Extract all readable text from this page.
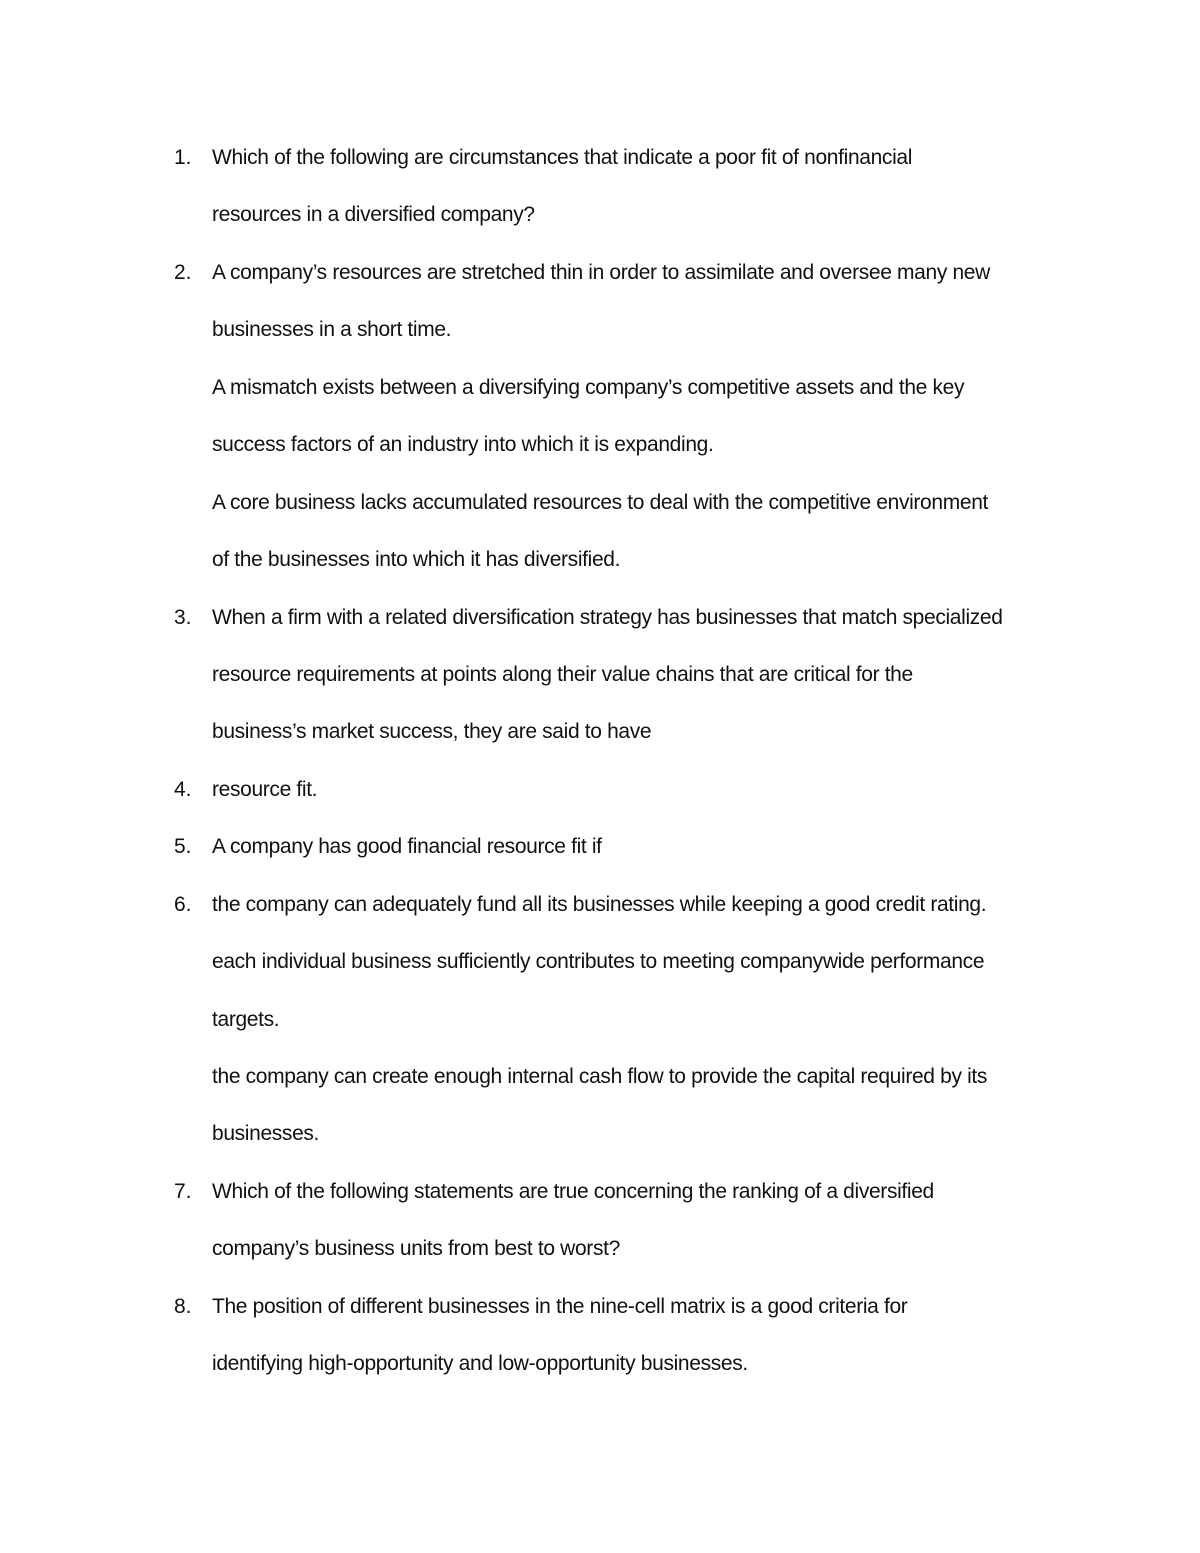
1. Which of the following are circumstances that indicate a poor fit of nonfinancial
resources in a diversified company?
2. A company’s resources are stretched thin in order to assimilate and oversee many new
businesses in a short time.
A mismatch exists between a diversifying company’s competitive assets and the key
success factors of an industry into which it is expanding.
A core business lacks accumulated resources to deal with the competitive environment
of the businesses into which it has diversified.
3. When a firm with a related diversification strategy has businesses that match specialized
resource requirements at points along their value chains that are critical for the
business’s market success, they are said to have
4. resource fit.
5. A company has good financial resource fit if
6. the company can adequately fund all its businesses while keeping a good credit rating.
each individual business sufficiently contributes to meeting companywide performance
targets.
the company can create enough internal cash flow to provide the capital required by its
businesses.
7. Which of the following statements are true concerning the ranking of a diversified
company’s business units from best to worst?
8. The position of different businesses in the nine-cell matrix is a good criteria for
identifying high-opportunity and low-opportunity businesses.
